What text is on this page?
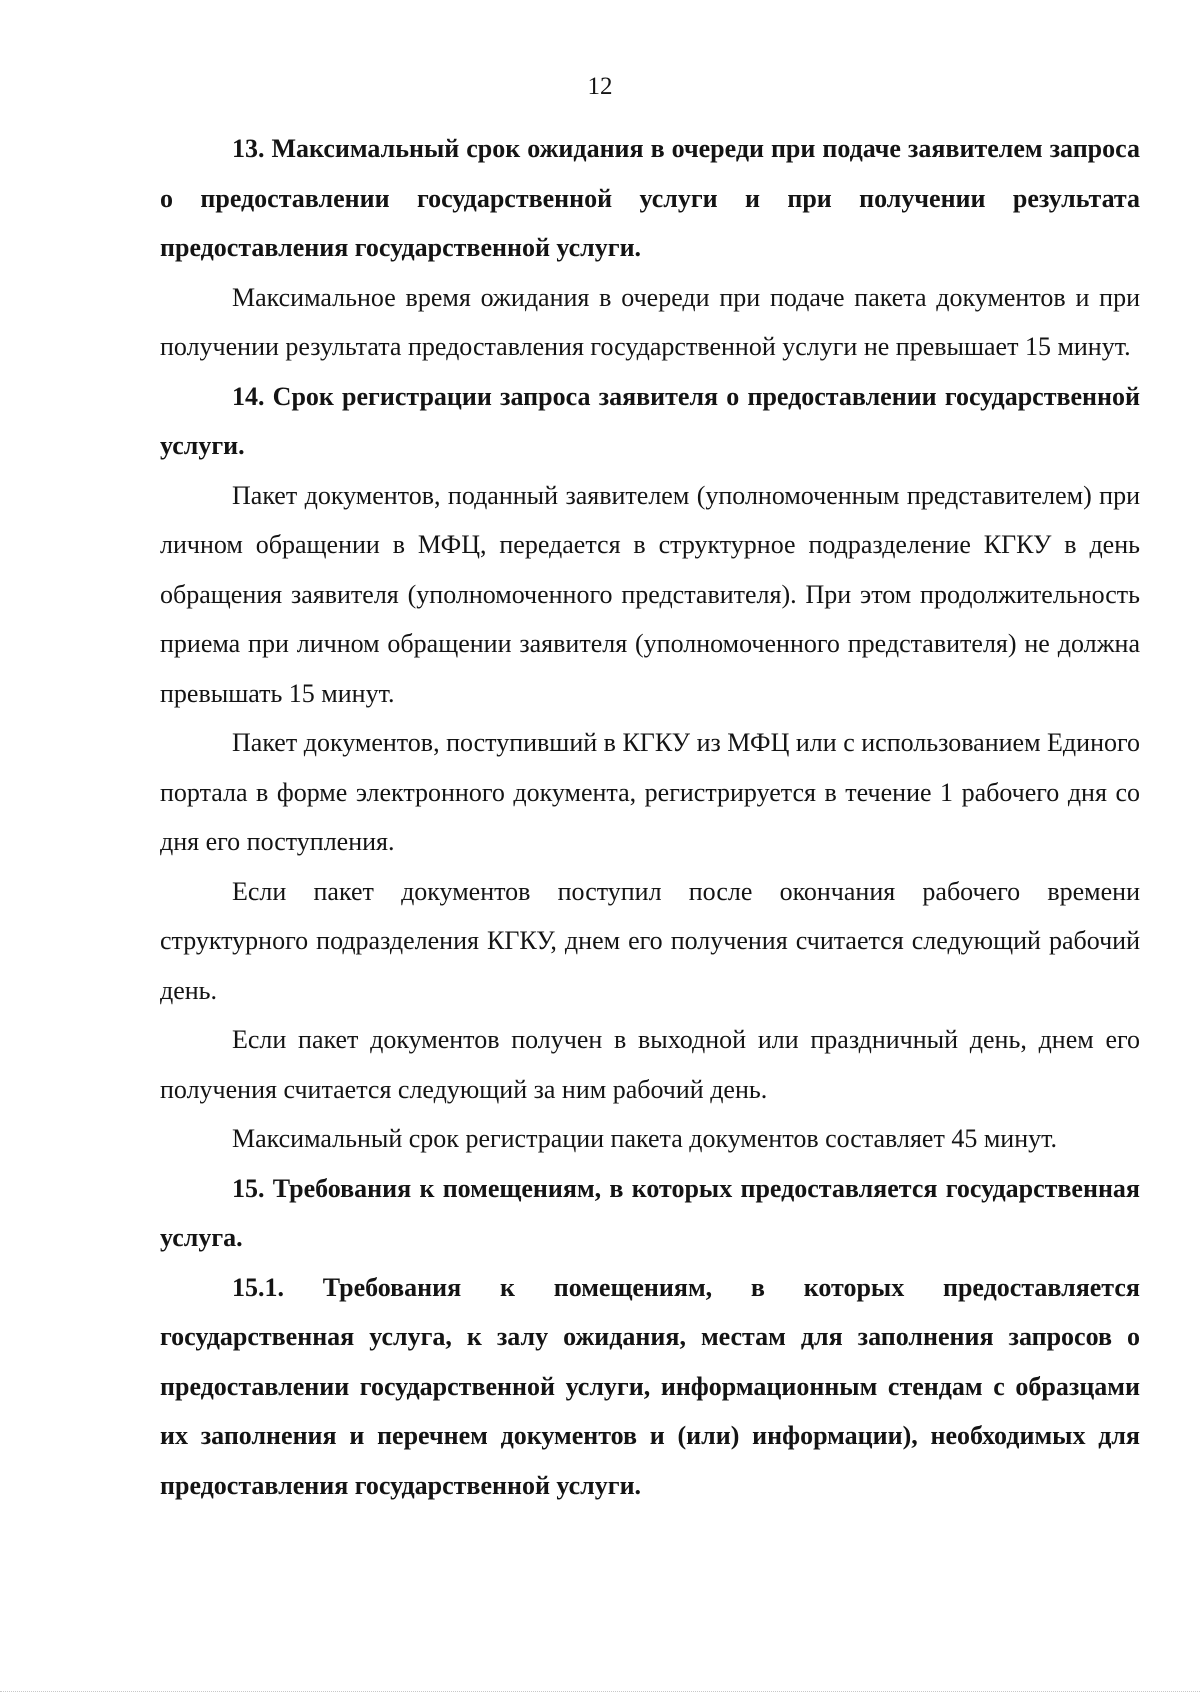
12

13. Максимальный срок ожидания в очереди при подаче заявителем запроса о предоставлении государственной услуги и при получении результата предоставления государственной услуги.

Максимальное время ожидания в очереди при подаче пакета документов и при получении результата предоставления государственной услуги не превышает 15 минут.

14. Срок регистрации запроса заявителя о предоставлении государственной услуги.

Пакет документов, поданный заявителем (уполномоченным представителем) при личном обращении в МФЦ, передается в структурное подразделение КГКУ в день обращения заявителя (уполномоченного представителя). При этом продолжительность приема при личном обращении заявителя (уполномоченного представителя) не должна превышать 15 минут.

Пакет документов, поступивший в КГКУ из МФЦ или с использованием Единого портала в форме электронного документа, регистрируется в течение 1 рабочего дня со дня его поступления.

Если пакет документов поступил после окончания рабочего времени структурного подразделения КГКУ, днем его получения считается следующий рабочий день.

Если пакет документов получен в выходной или праздничный день, днем его получения считается следующий за ним рабочий день.

Максимальный срок регистрации пакета документов составляет 45 минут.

15. Требования к помещениям, в которых предоставляется государственная услуга.

15.1. Требования к помещениям, в которых предоставляется государственная услуга, к залу ожидания, местам для заполнения запросов о предоставлении государственной услуги, информационным стендам с образцами их заполнения и перечнем документов и (или) информации), необходимых для предоставления государственной услуги.
